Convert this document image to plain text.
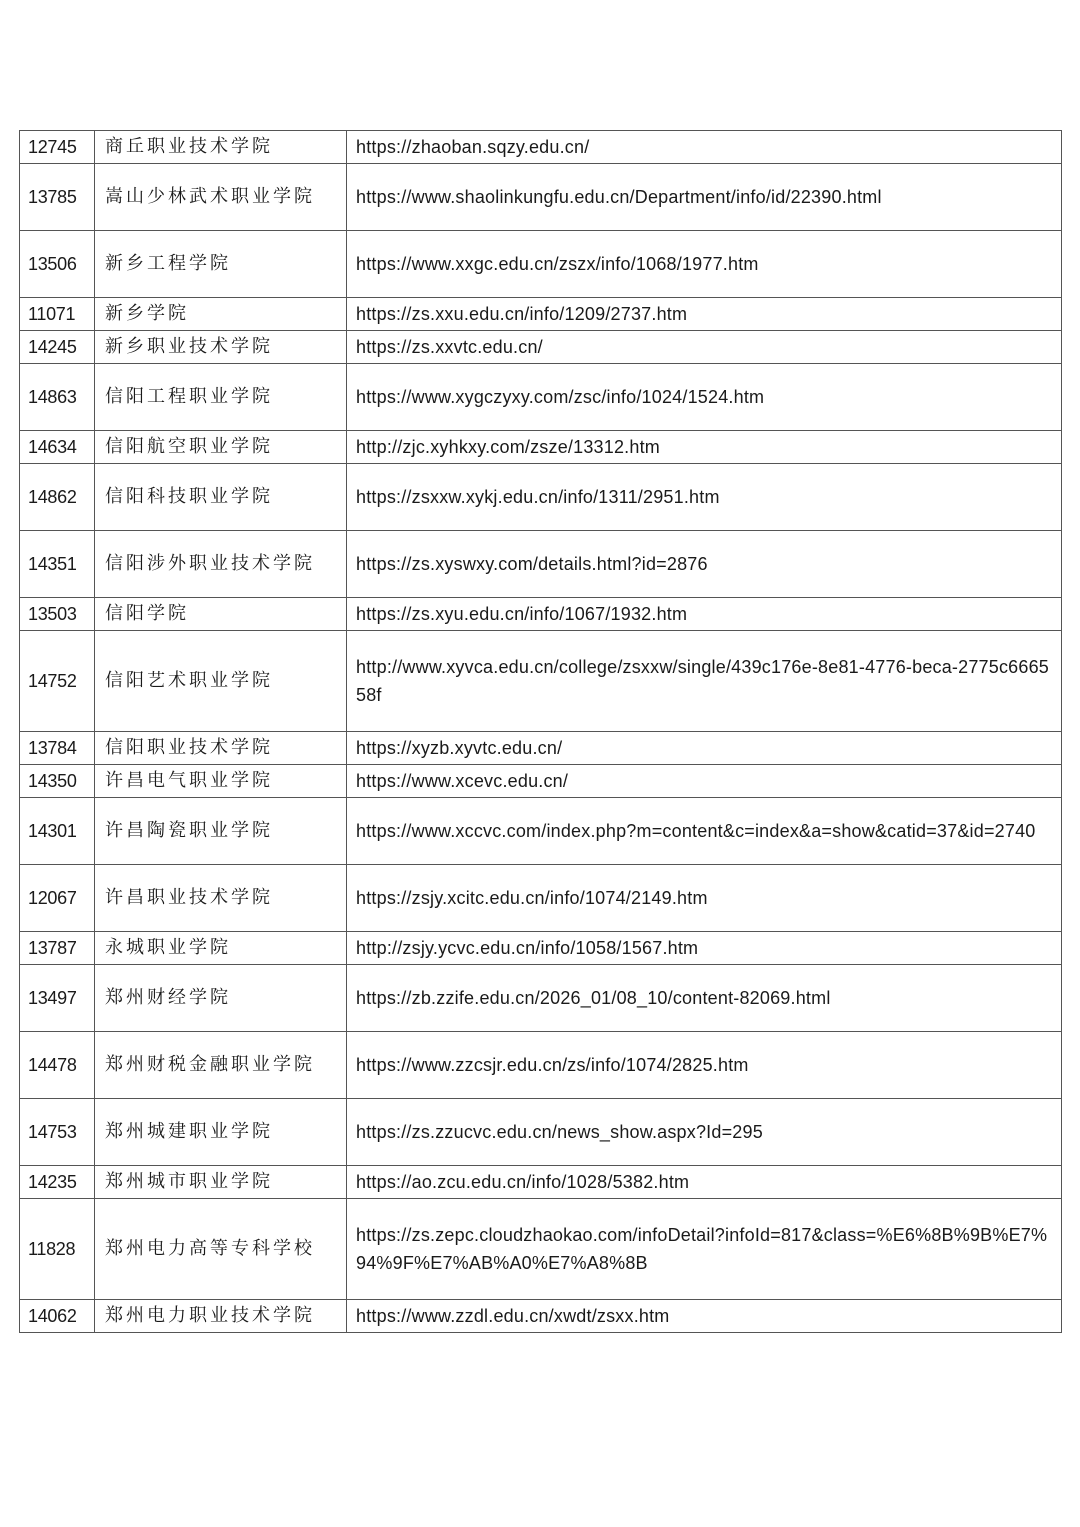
12745	商丘职业技术学院	https://zhaoban.sqzy.edu.cn/
13785	嵩山少林武术职业学院	https://www.shaolinkungfu.edu.cn/Department/info/id/22390.html
13506	新乡工程学院	https://www.xxgc.edu.cn/zszx/info/1068/1977.htm
11071	新乡学院	https://zs.xxu.edu.cn/info/1209/2737.htm
14245	新乡职业技术学院	https://zs.xxvtc.edu.cn/
14863	信阳工程职业学院	https://www.xygczyxy.com/zsc/info/1024/1524.htm
14634	信阳航空职业学院	http://zjc.xyhkxy.com/zsze/13312.htm
14862	信阳科技职业学院	https://zsxxw.xykj.edu.cn/info/1311/2951.htm
14351	信阳涉外职业技术学院	https://zs.xyswxy.com/details.html?id=2876
13503	信阳学院	https://zs.xyu.edu.cn/info/1067/1932.htm
14752	信阳艺术职业学院	http://www.xyvca.edu.cn/college/zsxxw/single/439c176e-8e81-4776-beca-2775c666558f
13784	信阳职业技术学院	https://xyzb.xyvtc.edu.cn/
14350	许昌电气职业学院	https://www.xcevc.edu.cn/
14301	许昌陶瓷职业学院	https://www.xccvc.com/index.php?m=content&c=index&a=show&catid=37&id=2740
12067	许昌职业技术学院	https://zsjy.xcitc.edu.cn/info/1074/2149.htm
13787	永城职业学院	http://zsjy.ycvc.edu.cn/info/1058/1567.htm
13497	郑州财经学院	https://zb.zzife.edu.cn/2026_01/08_10/content-82069.html
14478	郑州财税金融职业学院	https://www.zzcsjr.edu.cn/zs/info/1074/2825.htm
14753	郑州城建职业学院	https://zs.zzucvc.edu.cn/news_show.aspx?Id=295
14235	郑州城市职业学院	https://ao.zcu.edu.cn/info/1028/5382.htm
11828	郑州电力高等专科学校	https://zs.zepc.cloudzhaokao.com/infoDetail?infoId=817&class=%E6%8B%9B%E7%94%9F%E7%AB%A0%E7%A8%8B
14062	郑州电力职业技术学院	https://www.zzdl.edu.cn/xwdt/zsxx.htm
